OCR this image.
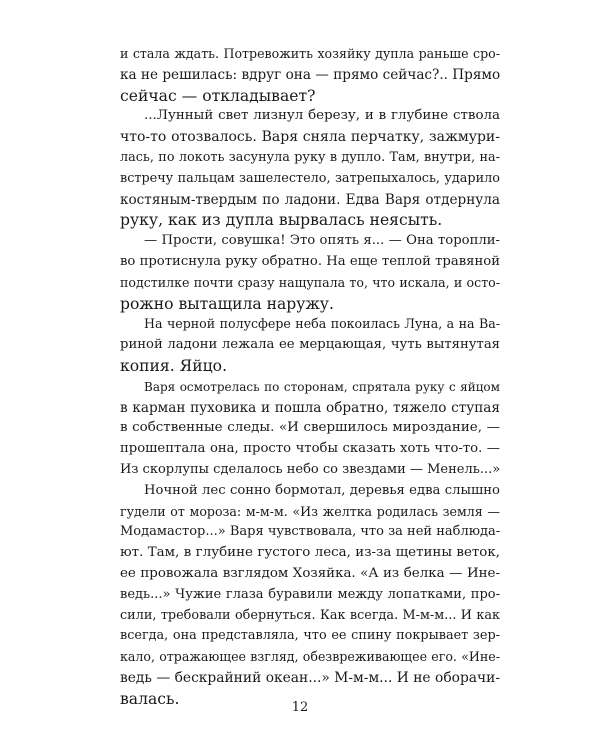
и стала ждать. Потревожить хозяйку дупла раньше сро-
ка не решилась: вдруг она — прямо сейчас?.. Прямо
сейчас — откладывает?
...Лунный свет лизнул березу, и в глубине ствола
что-то отозвалось. Варя сняла перчатку, зажмури-
лась, по локоть засунула руку в дупло. Там, внутри, на-
встречу пальцам зашелестело, затрепыхалось, ударило
костяным-твердым по ладони. Едва Варя отдернула
руку, как из дупла вырвалась неясыть.
— Прости, совушка! Это опять я... — Она торопли-
во протиснула руку обратно. На еще теплой травяной
подстилке почти сразу нащупала то, что искала, и осто-
рожно вытащила наружу.
На черной полусфере неба покоилась Луна, а на Ва-
риной ладони лежала ее мерцающая, чуть вытянутая
копия. Яйцо.
Варя осмотрелась по сторонам, спрятала руку с яйцом
в карман пуховика и пошла обратно, тяжело ступая
в собственные следы. «И свершилось мироздание, —
прошептала она, просто чтобы сказать хоть что-то. —
Из скорлупы сделалось небо со звездами — Менель...»
Ночной лес сонно бормотал, деревья едва слышно
гудели от мороза: м-м-м. «Из желтка родилась земля —
Модамастор...» Варя чувствовала, что за ней наблюда-
ют. Там, в глубине густого леса, из-за щетины веток,
ее провожала взглядом Хозяйка. «А из белка — Ине-
ведь...» Чужие глаза буравили между лопатками, про-
сили, требовали обернуться. Как всегда. М-м-м... И как
всегда, она представляла, что ее спину покрывает зер-
кало, отражающее взгляд, обезвреживающее его. «Ине-
ведь — бескрайний океан...» М-м-м... И не оборачи-
валась.	12
